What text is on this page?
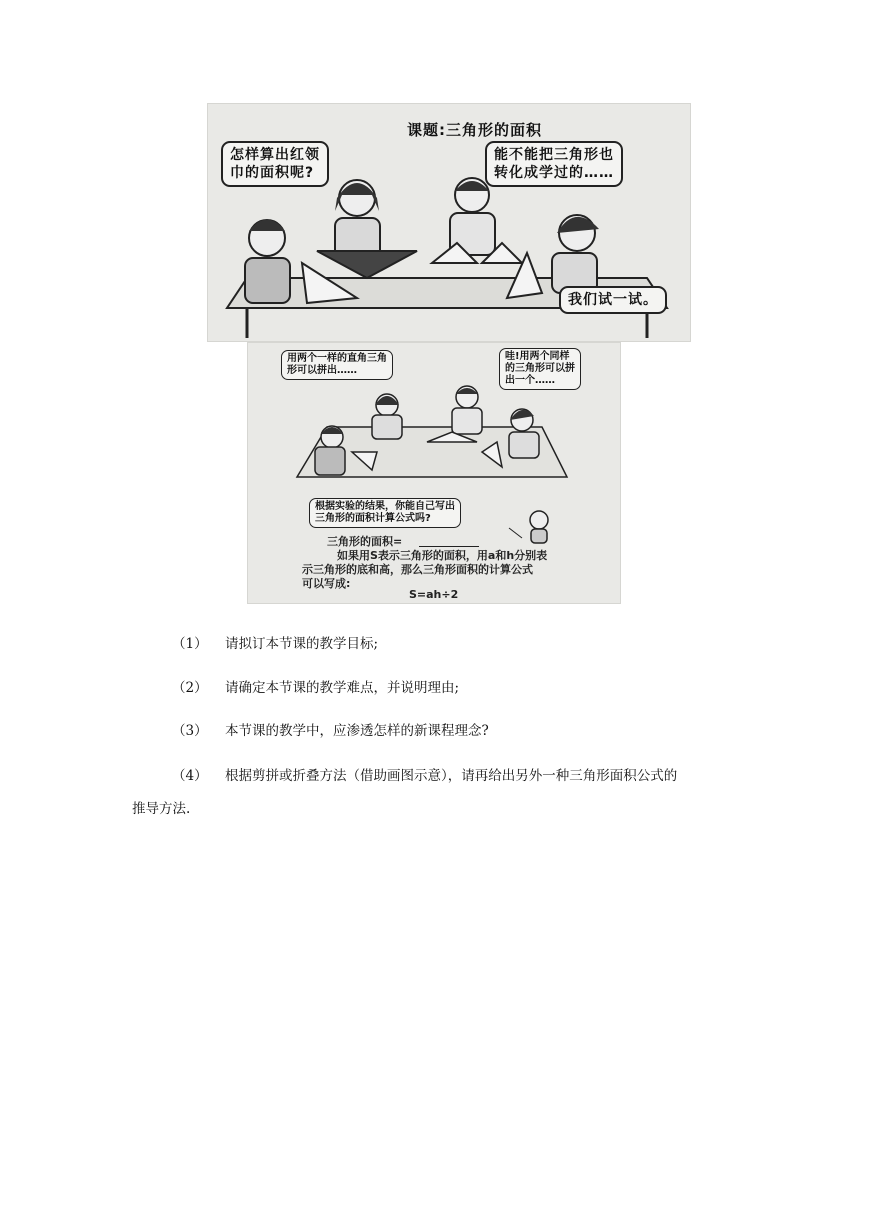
课题:三角形的面积
怎样算出红领
巾的面积呢?
能不能把三角形也
转化成学过的……
我们试一试。
用两个一样的直角三角
形可以拼出……
哇!用两个同样
的三角形可以拼
出一个……
根据实验的结果，你能自己写出
三角形的面积计算公式吗?
三角形的面积=
如果用S表示三角形的面积，用a和h分别表
示三角形的底和高，那么三角形面积的计算公式
可以写成:
S=ah÷2
（1） 请拟订本节课的教学目标;
（2） 请确定本节课的教学难点，并说明理由;
（3） 本节课的教学中，应渗透怎样的新课程理念?
（4） 根据剪拼或折叠方法（借助画图示意），请再给出另外一种三角形面积公式的
推导方法.
